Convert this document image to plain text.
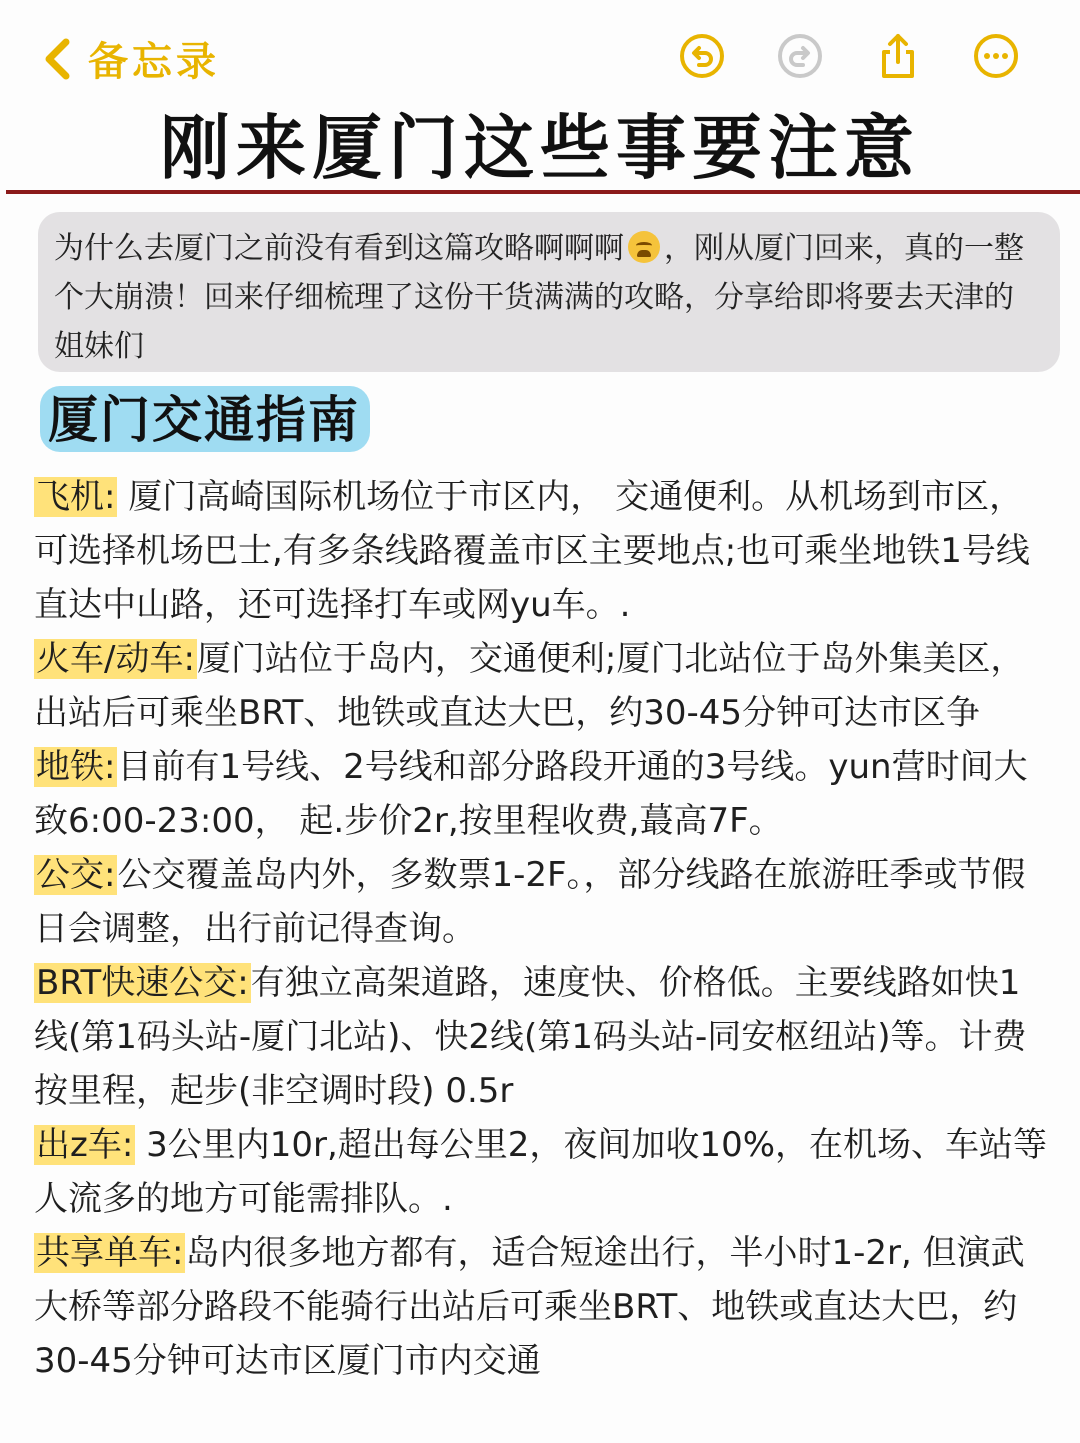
备忘录
刚来厦门这些事要注意
为什么去厦门之前没有看到这篇攻略啊啊啊 ，刚从厦门回来，真的一整个大崩溃！回来仔细梳理了这份干货满满的攻略，分享给即将要去天津的姐妹们
厦门交通指南

飞机: 厦门高崎国际机场位于市区内， 交通便利。从机场到市区，可选择机场巴士,有多条线路覆盖市区主要地点;也可乘坐地铁1号线直达中山路，还可选择打车或网yu车。.

火车/动车:厦门站位于岛内，交通便利;厦门北站位于岛外集美区，出站后可乘坐BRT、地铁或直达大巴，约30-45分钟可达市区争

地铁:目前有1号线、2号线和部分路段开通的3号线。yun营时间大致6:00-23:00， 起.步价2r,按里程收费,蕞高7F。

公交:公交覆盖岛内外，多数票1-2F。，部分线路在旅游旺季或节假日会调整，出行前记得查询。

BRT快速公交:有独立高架道路，速度快、价格低。主要线路如快1线(第1码头站-厦门北站)、快2线(第1码头站-同安枢纽站)等。计费按里程，起步(非空调时段) 0.5r

出z车: 3公里内10r,超出每公里2，夜间加收10%，在机场、车站等人流多的地方可能需排队。.

共享单车:岛内很多地方都有，适合短途出行，半小时1-2r, 但演武大桥等部分路段不能骑行出站后可乘坐BRT、地铁或直达大巴，约30-45分钟可达市区厦门市内交通
